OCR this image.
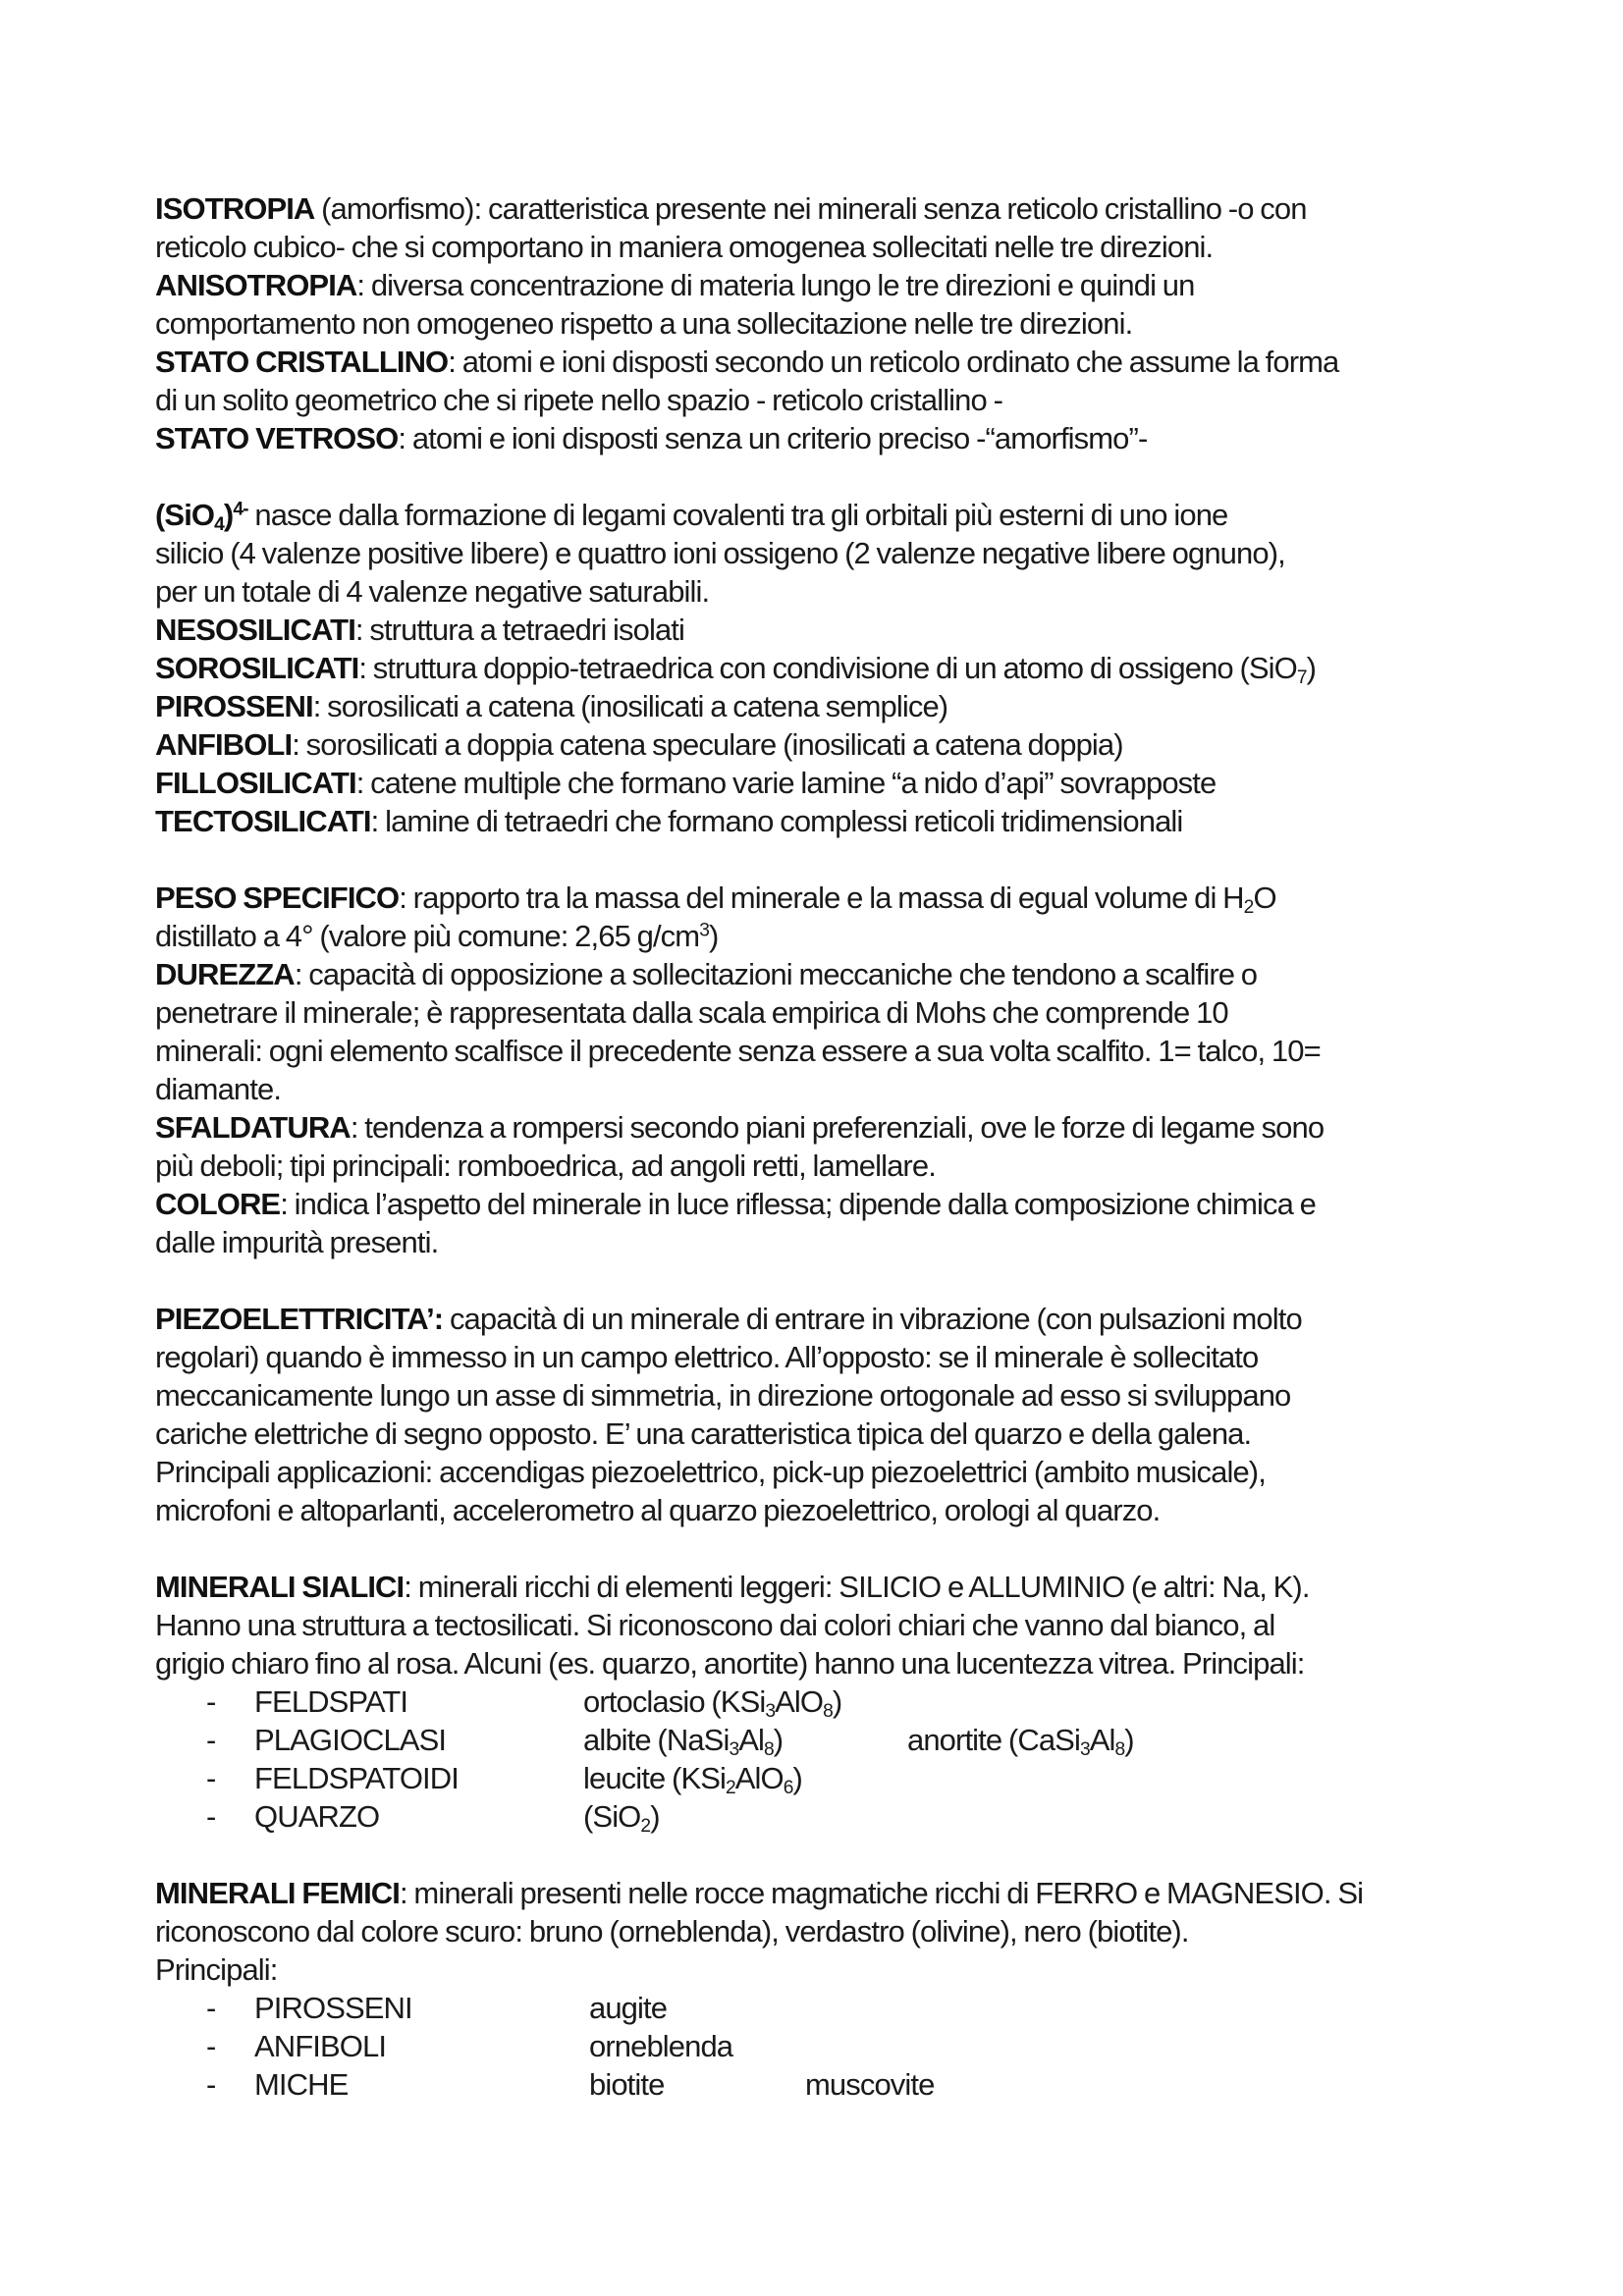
ISOTROPIA (amorfismo): caratteristica presente nei minerali senza reticolo cristallino -o con

reticolo cubico- che si comportano in maniera omogenea sollecitati nelle tre direzioni.

ANISOTROPIA: diversa concentrazione di materia lungo le tre direzioni e quindi un

comportamento non omogeneo rispetto a una sollecitazione nelle tre direzioni.

STATO CRISTALLINO: atomi e ioni disposti secondo un reticolo ordinato che assume la forma

di un solito geometrico che si ripete nello spazio - reticolo cristallino -

STATO VETROSO: atomi e ioni disposti senza un criterio preciso -“amorfismo”-

$(SiO_4)^{4-}$ nasce dalla formazione di legami covalenti tra gli orbitali più esterni di uno ione

silicio (4 valenze positive libere) e quattro ioni ossigeno (2 valenze negative libere ognuno),

per un totale di 4 valenze negative saturabili.

NESOSILICATI: struttura a tetraedri isolati

SOROSILICATI: struttura doppio-tetraedrica con condivisione di un atomo di ossigeno (SiO$_7$)

PIROSSENI: sorosilicati a catena (inosilicati a catena semplice)

ANFIBOLI: sorosilicati a doppia catena speculare (inosilicati a catena doppia)

FILLOSILICATI: catene multiple che formano varie lamine “a nido d’api” sovrapposte

TECTOSILICATI: lamine di tetraedri che formano complessi reticoli tridimensionali

PESO SPECIFICO: rapporto tra la massa del minerale e la massa di egual volume di $H_2O$

distillato a 4° (valore più comune: 2,65 $g/cm^3$)

DUREZZA: capacità di opposizione a sollecitazioni meccaniche che tendono a scalfire o

penetrare il minerale; è rappresentata dalla scala empirica di Mohs che comprende 10

minerali: ogni elemento scalfisce il precedente senza essere a sua volta scalfito. 1= talco, 10=

diamante.

SFALDATURA: tendenza a rompersi secondo piani preferenziali, ove le forze di legame sono

più deboli; tipi principali: romboedrica, ad angoli retti, lamellare.

COLORE: indica l’aspetto del minerale in luce riflessa; dipende dalla composizione chimica e

dalle impurità presenti.

PIEZOELETTRICITA’: capacità di un minerale di entrare in vibrazione (con pulsazioni molto

regolari) quando è immesso in un campo elettrico. All’opposto: se il minerale è sollecitato

meccanicamente lungo un asse di simmetria, in direzione ortogonale ad esso si sviluppano

cariche elettriche di segno opposto. E’ una caratteristica tipica del quarzo e della galena.

Principali applicazioni: accendigas piezoelettrico, pick-up piezoelettrici (ambito musicale),

microfoni e altoparlanti, accelerometro al quarzo piezoelettrico, orologi al quarzo.

MINERALI SIALICI: minerali ricchi di elementi leggeri: SILICIO e ALLUMINIO (e altri: Na, K).

Hanno una struttura a tectosilicati. Si riconoscono dai colori chiari che vanno dal bianco, al

grigio chiaro fino al rosa. Alcuni (es. quarzo, anortite) hanno una lucentezza vitrea. Principali:

- FELDSPATI	ortoclasio (KSi$_3$AlO$_8$)
- PLAGIOCLASI	albite $(NaSi_3Al_8)$	anortite $(CaSi_3Al_8)$
- FELDSPATOIDI	leucite (KSi$_2$AlO$_6$)
- QUARZO	(SiO$_2$)

MINERALI FEMICI: minerali presenti nelle rocce magmatiche ricchi di FERRO e MAGNESIO. Si

riconoscono dal colore scuro: bruno (orneblenda), verdastro (olivine), nero (biotite).

Principali:

- PIROSSENI	augite
- ANFIBOLI	orneblenda
- MICHE	biotite	muscovite
